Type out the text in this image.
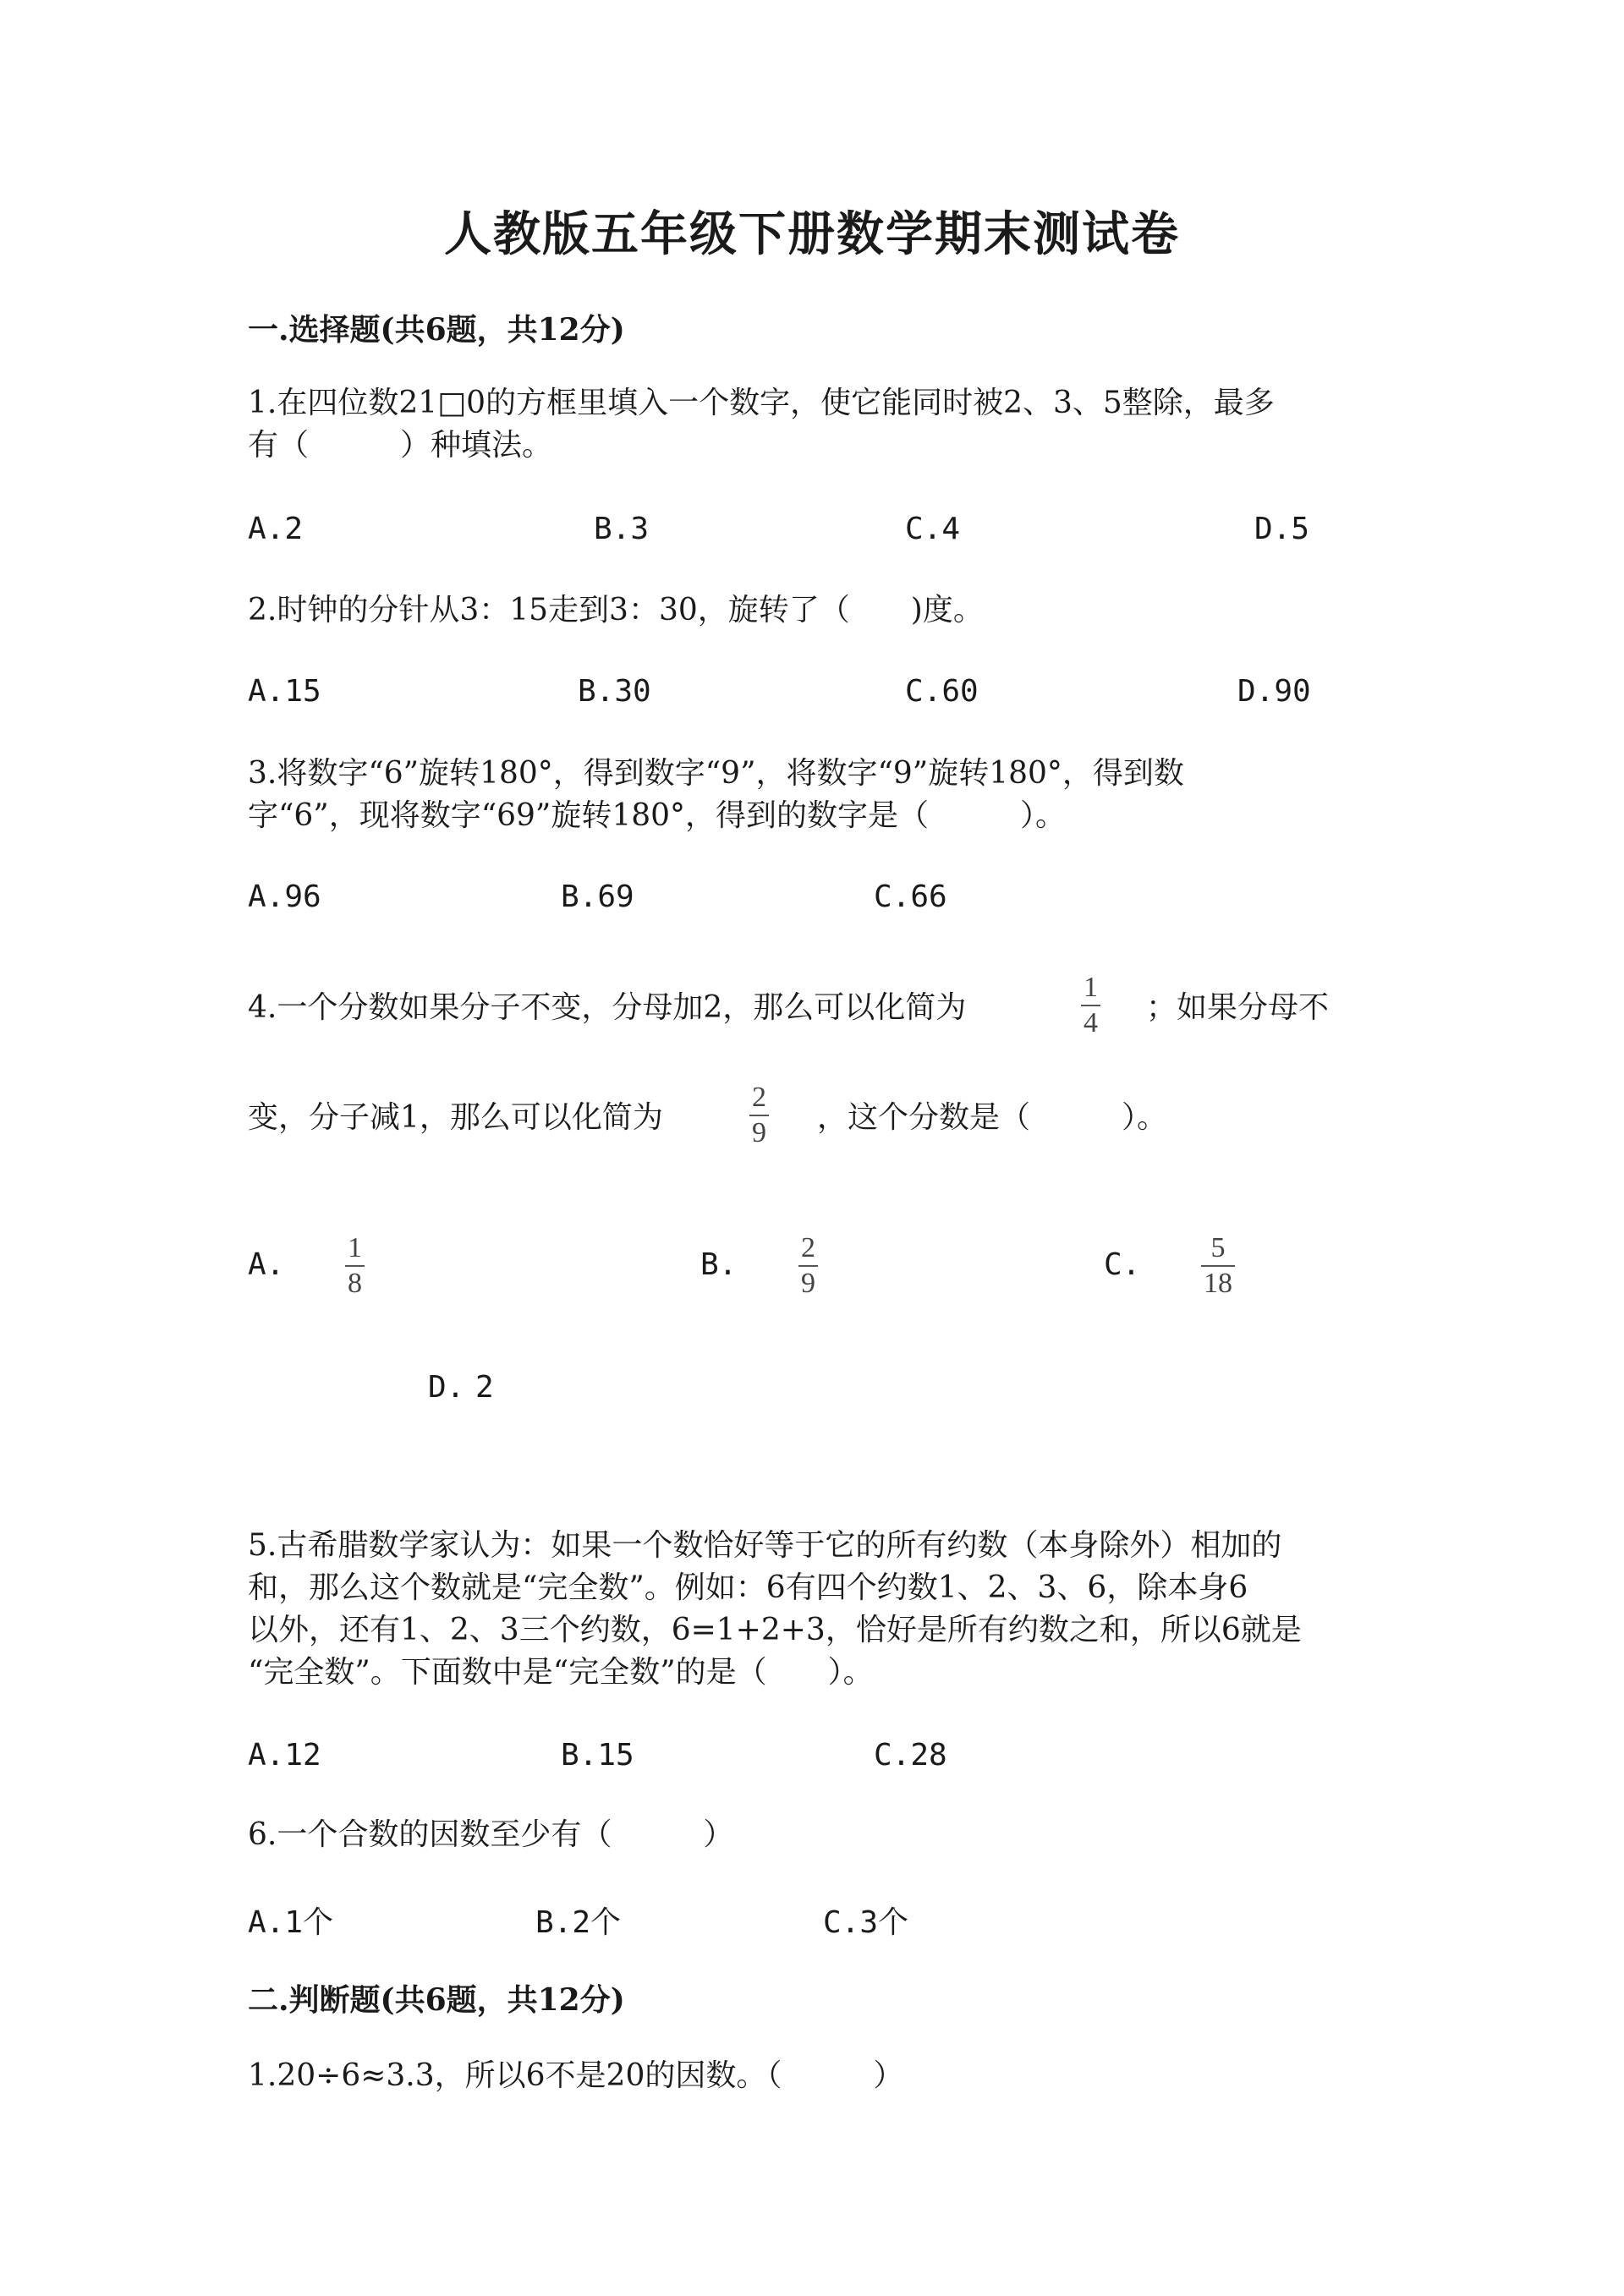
人教版五年级下册数学期末测试卷
一.选择题(共6题，共12分)
1.在四位数21□0的方框里填入一个数字，使它能同时被2、3、5整除，最多
有（　　　）种填法。
A.2	B.3	C.4	D.5
2.时钟的分针从3：15走到3：30，旋转了（　　)度。
A.15	B.30	C.60	D.90
3.将数字“6”旋转180°，得到数字“9”，将数字“9”旋转180°，得到数
字“6”，现将数字“69”旋转180°，得到的数字是（　　　）。
A.96	B.69	C.66
4.一个分数如果分子不变，分母加2，那么可以化简为
1
4 ；如果分母不
变，分子减1，那么可以化简为
2
9 ，这个分数是（　　　）。
A. 1
8
B. 2
9
C. 5
18
D. 2
5.古希腊数学家认为：如果一个数恰好等于它的所有约数（本身除外）相加的
和，那么这个数就是“完全数”。例如：6有四个约数1、2、3、6，除本身6
以外，还有1、2、3三个约数，6=1+2+3，恰好是所有约数之和，所以6就是
“完全数”。下面数中是“完全数”的是（　　）。
A.12	B.15	C.28
6.一个合数的因数至少有（　　　）
A.1个	B.2个	C.3个
二.判断题(共6题，共12分)
1.20÷6≈3.3，所以6不是20的因数。（　　　）
